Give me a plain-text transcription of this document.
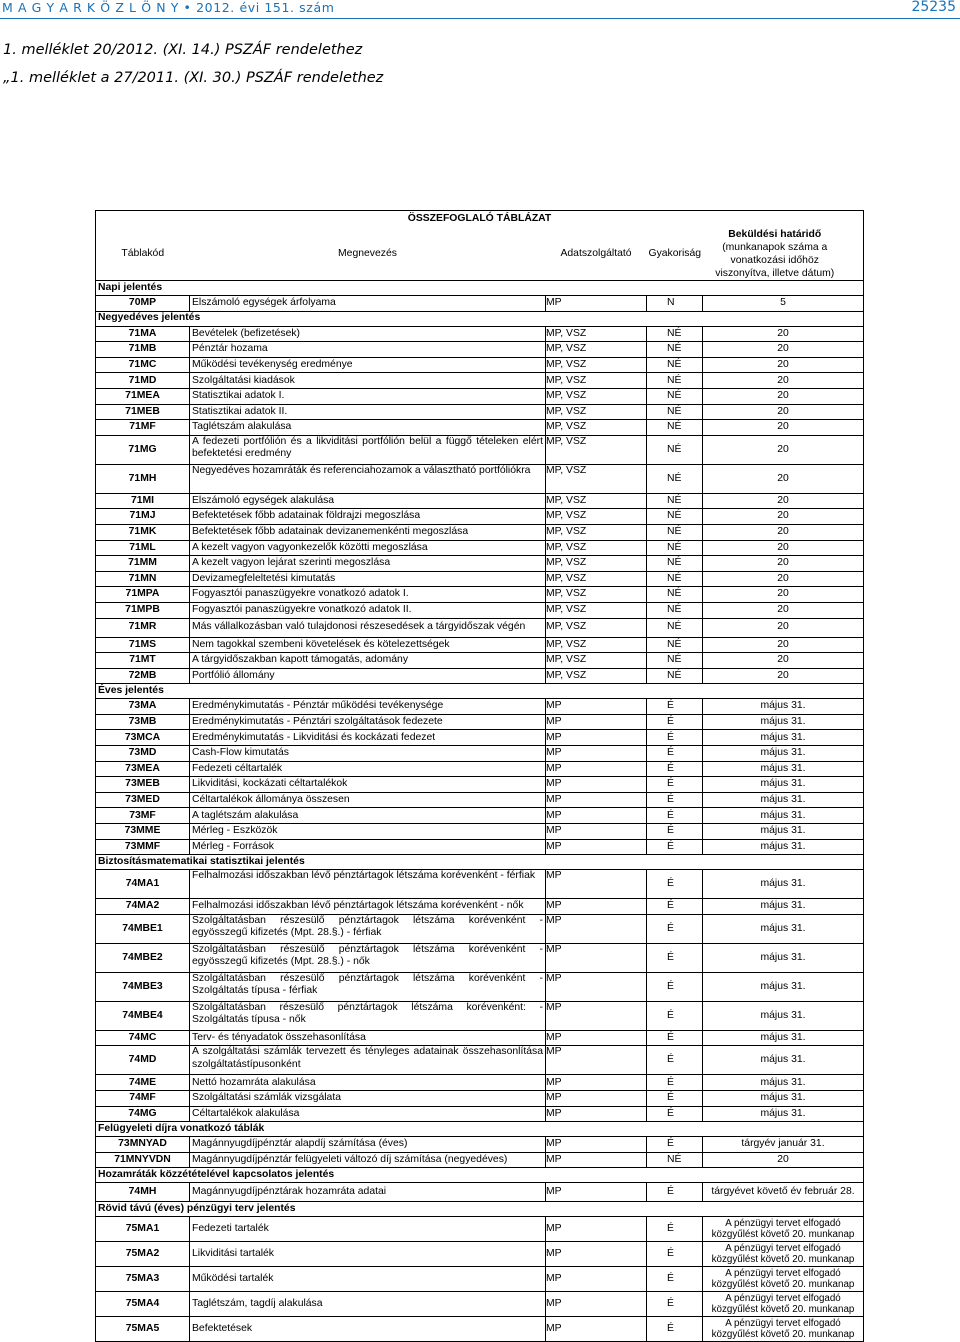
M A G Y A R K Ö Z L Ö N Y • 2012. évi 151. szám	25235
1. melléklet 20/2012. (XI. 14.) PSZÁF rendelethez
„1. melléklet a 27/2011. (XI. 30.) PSZÁF rendelethez
ÖSSZEFOGLALÓ TÁBLÁZAT				
Táblakód	Megnevezés	Adatszolgáltató	Gyakoriság	Beküldési határidő
(munkanapok száma a vonatkozási időhöz viszonyítva, illetve dátum)

Napi jelentés				
70MP	Elszámoló egységek árfolyama	MP	N	5
Negyedéves jelentés				
71MA	Bevételek (befizetések)	MP, VSZ	NÉ	20
71MB	Pénztár hozama	MP, VSZ	NÉ	20
71MC	Működési tevékenység eredménye	MP, VSZ	NÉ	20
71MD	Szolgáltatási kiadások	MP, VSZ	NÉ	20
71MEA	Statisztikai adatok I.	MP, VSZ	NÉ	20
71MEB	Statisztikai adatok II.	MP, VSZ	NÉ	20
71MF	Taglétszám alakulása	MP, VSZ	NÉ	20
71MG	A fedezeti portfólión és a likviditási portfólión belül a függő tételeken elért befektetési eredmény	MP, VSZ	NÉ	20
71MH	Negyedéves hozamráták és referenciahozamok a választható portfóliókra	MP, VSZ	NÉ	20
71MI	Elszámoló egységek alakulása	MP, VSZ	NÉ	20
71MJ	Befektetések főbb adatainak földrajzi megoszlása	MP, VSZ	NÉ	20
71MK	Befektetések főbb adatainak devizanemenkénti megoszlása	MP, VSZ	NÉ	20
71ML	A kezelt vagyon vagyonkezelők közötti megoszlása	MP, VSZ	NÉ	20
71MM	A kezelt vagyon lejárat szerinti megoszlása	MP, VSZ	NÉ	20
71MN	Devizamegfeleltetési kimutatás	MP, VSZ	NÉ	20
71MPA	Fogyasztói panaszügyekre vonatkozó adatok I.	MP, VSZ	NÉ	20
71MPB	Fogyasztói panaszügyekre vonatkozó adatok II.	MP, VSZ	NÉ	20
71MR	Más vállalkozásban való tulajdonosi részesedések a tárgyidőszak végén	MP, VSZ	NÉ	20
71MS	Nem tagokkal szembeni követelések és kötelezettségek	MP, VSZ	NÉ	20
71MT	A tárgyidőszakban kapott támogatás, adomány	MP, VSZ	NÉ	20
72MB	Portfólió állomány	MP, VSZ	NÉ	20
Éves jelentés				
73MA	Eredménykimutatás - Pénztár működési tevékenysége	MP	É	május 31.
73MB	Eredménykimutatás - Pénztári szolgáltatások fedezete	MP	É	május 31.
73MCA	Eredménykimutatás - Likviditási és kockázati fedezet	MP	É	május 31.
73MD	Cash-Flow kimutatás	MP	É	május 31.
73MEA	Fedezeti céltartalék	MP	É	május 31.
73MEB	Likviditási, kockázati céltartalékok	MP	É	május 31.
73MED	Céltartalékok állománya összesen	MP	É	május 31.
73MF	A taglétszám alakulása	MP	É	május 31.
73MME	Mérleg - Eszközök	MP	É	május 31.
73MMF	Mérleg - Források	MP	É	május 31.
Biztosításmatematikai statisztikai jelentés				
74MA1	Felhalmozási időszakban lévő pénztártagok létszáma korévenként - férfiak	MP	É	május 31.
74MA2	Felhalmozási időszakban lévő pénztártagok létszáma korévenként - nők	MP	É	május 31.
74MBE1	Szolgáltatásban részesülő pénztártagok létszáma korévenként - egyösszegű kifizetés (Mpt. 28.§.) - férfiak	MP	É	május 31.
74MBE2	Szolgáltatásban részesülő pénztártagok létszáma korévenként - egyösszegű kifizetés (Mpt. 28.§.) - nők	MP	É	május 31.
74MBE3	Szolgáltatásban részesülő pénztártagok létszáma korévenként - Szolgáltatás típusa - férfiak	MP	É	május 31.
74MBE4	Szolgáltatásban részesülő pénztártagok létszáma korévenként: - Szolgáltatás típusa - nők	MP	É	május 31.
74MC	Terv- és tényadatok összehasonlítása	MP	É	május 31.
74MD	A szolgáltatási számlák tervezett és tényleges adatainak összehasonlítása szolgáltatástípusonként	MP	É	május 31.
74ME	Nettó hozamráta alakulása	MP	É	május 31.
74MF	Szolgáltatási számlák vizsgálata	MP	É	május 31.
74MG	Céltartalékok alakulása	MP	É	május 31.
Felügyeleti díjra vonatkozó táblák				
73MNYAD	Magánnyugdíjpénztár alapdíj számítása (éves)	MP	É	tárgyév január 31.
71MNYVDN	Magánnyugdíjpénztár felügyeleti változó díj számítása (negyedéves)	MP	NÉ	20
Hozamráták közzétételével kapcsolatos jelentés				
74MH	Magánnyugdíjpénztárak hozamráta adatai	MP	É	tárgyévet követő év február 28.
Rövid távú (éves) pénzügyi terv jelentés				
75MA1	Fedezeti tartalék	MP	É	A pénzügyi tervet elfogadó közgyűlést követő 20. munkanap
75MA2	Likviditási tartalék	MP	É	A pénzügyi tervet elfogadó közgyűlést követő 20. munkanap
75MA3	Működési tartalék	MP	É	A pénzügyi tervet elfogadó közgyűlést követő 20. munkanap
75MA4	Taglétszám, tagdíj alakulása	MP	É	A pénzügyi tervet elfogadó közgyűlést követő 20. munkanap
75MA5	Befektetések	MP	É	A pénzügyi tervet elfogadó közgyűlést követő 20. munkanap
